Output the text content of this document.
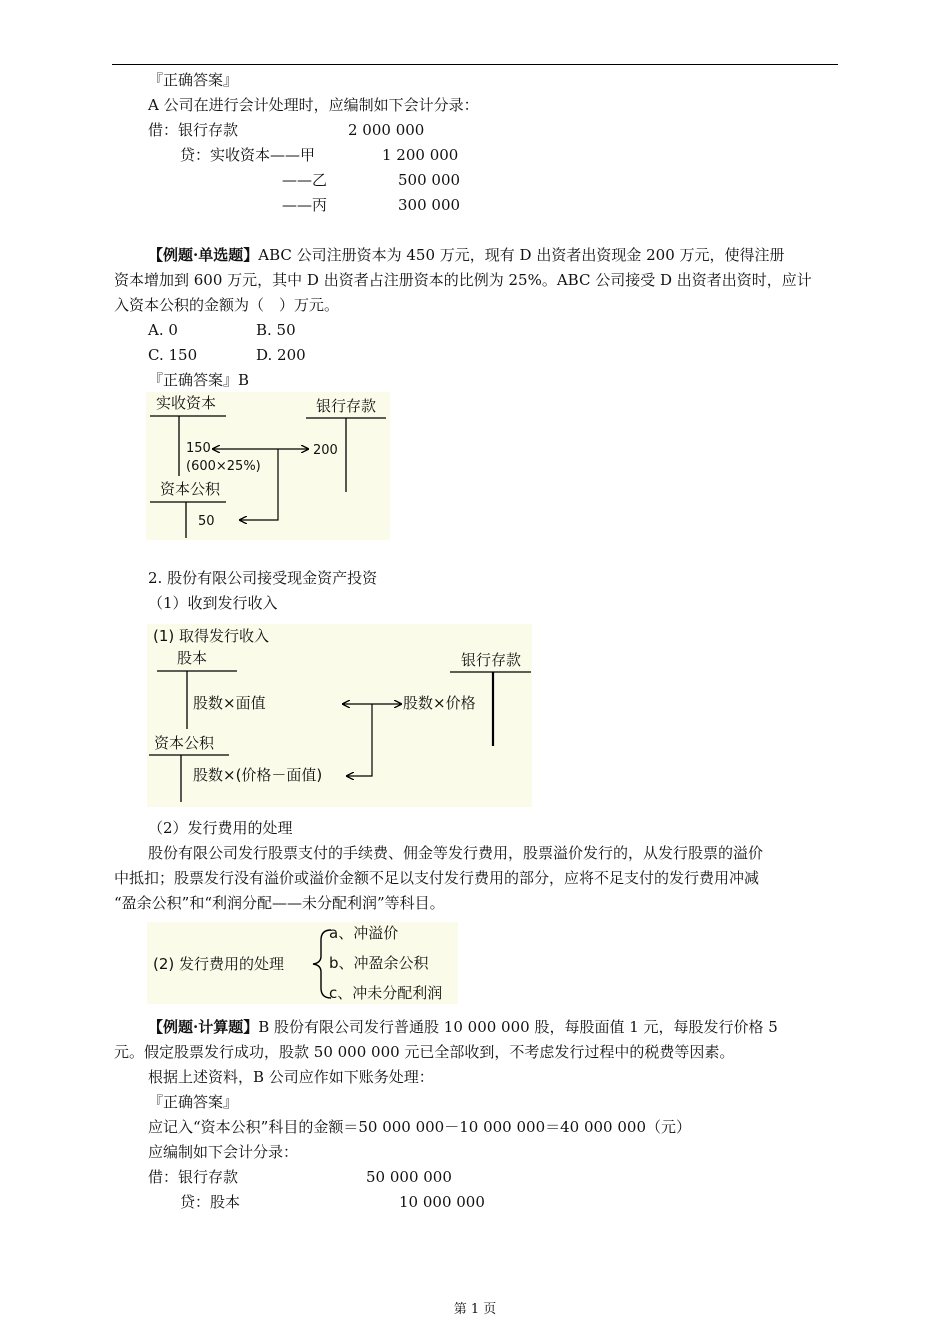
『正确答案』
A 公司在进行会计处理时，应编制如下会计分录：
借：银行存款	2 000 000
贷：实收资本——甲	1 200 000
——乙	500 000
——丙	300 000
【例题·单选题】ABC 公司注册资本为 450 万元，现有 D 出资者出资现金 200 万元，使得注册
资本增加到 600 万元，其中 D 出资者占注册资本的比例为 25%。ABC 公司接受 D 出资者出资时，应计
入资本公积的金额为（　）万元。
A. 0	B. 50
C. 150	D. 200
『正确答案』B
实收资本	银行存款
150
(600×25%)
200
资本公积
50
2. 股份有限公司接受现金资产投资
（1）收到发行收入
(1) 取得发行收入
股本	银行存款
股数×面值	股数×价格
资本公积
股数×(价格－面值)
（2）发行费用的处理
股份有限公司发行股票支付的手续费、佣金等发行费用，股票溢价发行的，从发行股票的溢价
中抵扣；股票发行没有溢价或溢价金额不足以支付发行费用的部分，应将不足支付的发行费用冲减
“盈余公积”和“利润分配——未分配利润”等科目。
(2) 发行费用的处理
a、冲溢价
b、冲盈余公积
c、冲未分配利润
【例题·计算题】B 股份有限公司发行普通股 10 000 000 股，每股面值 1 元，每股发行价格 5
元。假定股票发行成功，股款 50 000 000 元已全部收到，不考虑发行过程中的税费等因素。
根据上述资料，B 公司应作如下账务处理：
『正确答案』
应记入“资本公积”科目的金额＝50 000 000－10 000 000＝40 000 000（元）
应编制如下会计分录：
借：银行存款	50 000 000
贷：股本	10 000 000
第 1 页
